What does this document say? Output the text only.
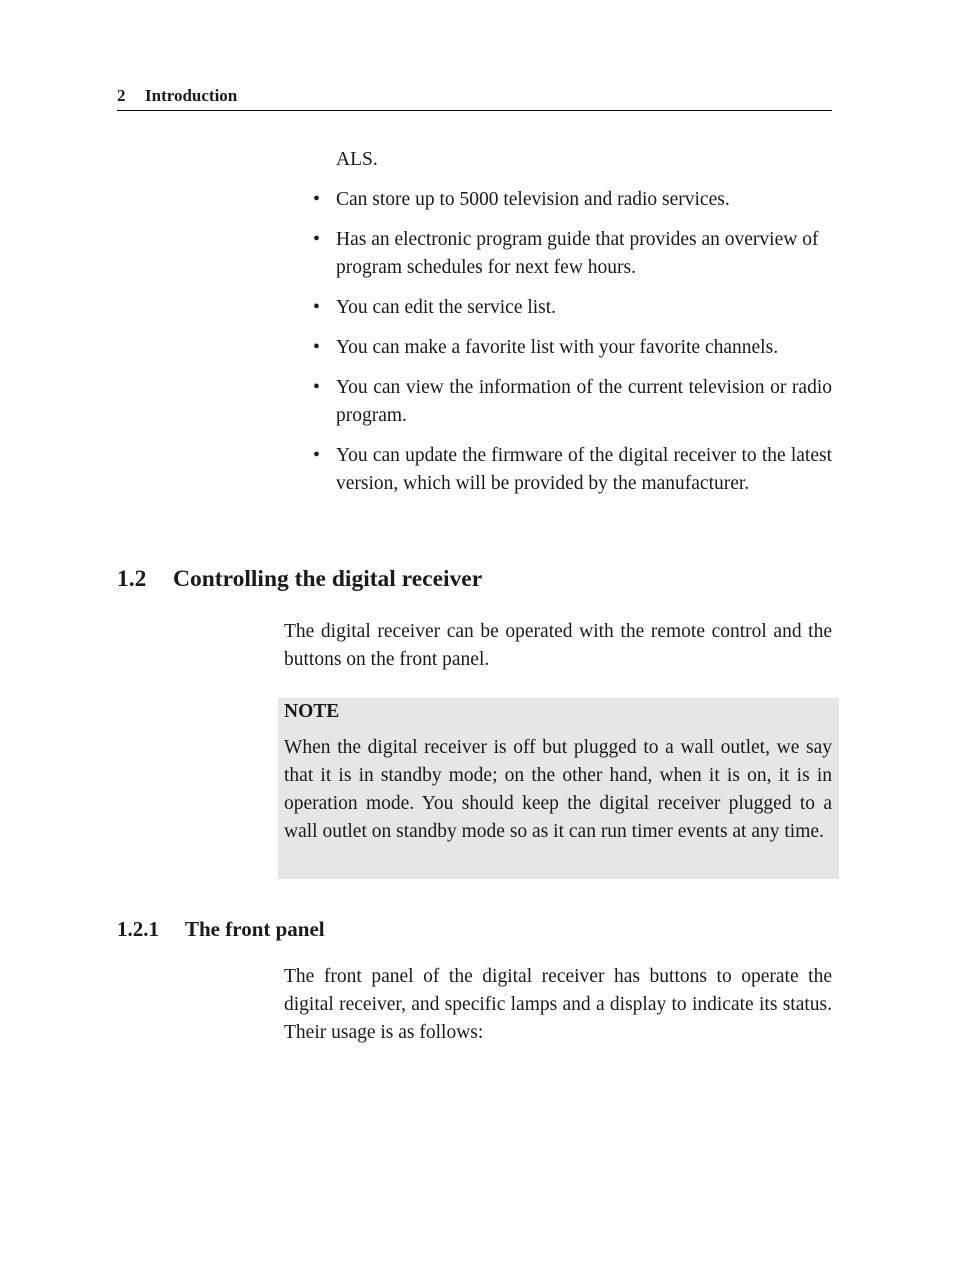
2 Introduction
ALS.
• Can store up to 5000 television and radio services.
• Has an electronic program guide that provides an overview of program schedules for next few hours.
• You can edit the service list.
• You can make a favorite list with your favorite channels.
• You can view the information of the current television or radio program.
• You can update the firmware of the digital receiver to the latest version, which will be provided by the manufacturer.
1.2 Controlling the digital receiver

The digital receiver can be operated with the remote control and the buttons on the front panel.

NOTE

When the digital receiver is off but plugged to a wall outlet, we say that it is in standby mode; on the other hand, when it is on, it is in operation mode. You should keep the digital receiver plugged to a wall outlet on standby mode so as it can run timer events at any time.

1.2.1 The front panel

The front panel of the digital receiver has buttons to operate the digital receiver, and specific lamps and a display to indicate its status. Their usage is as follows:
